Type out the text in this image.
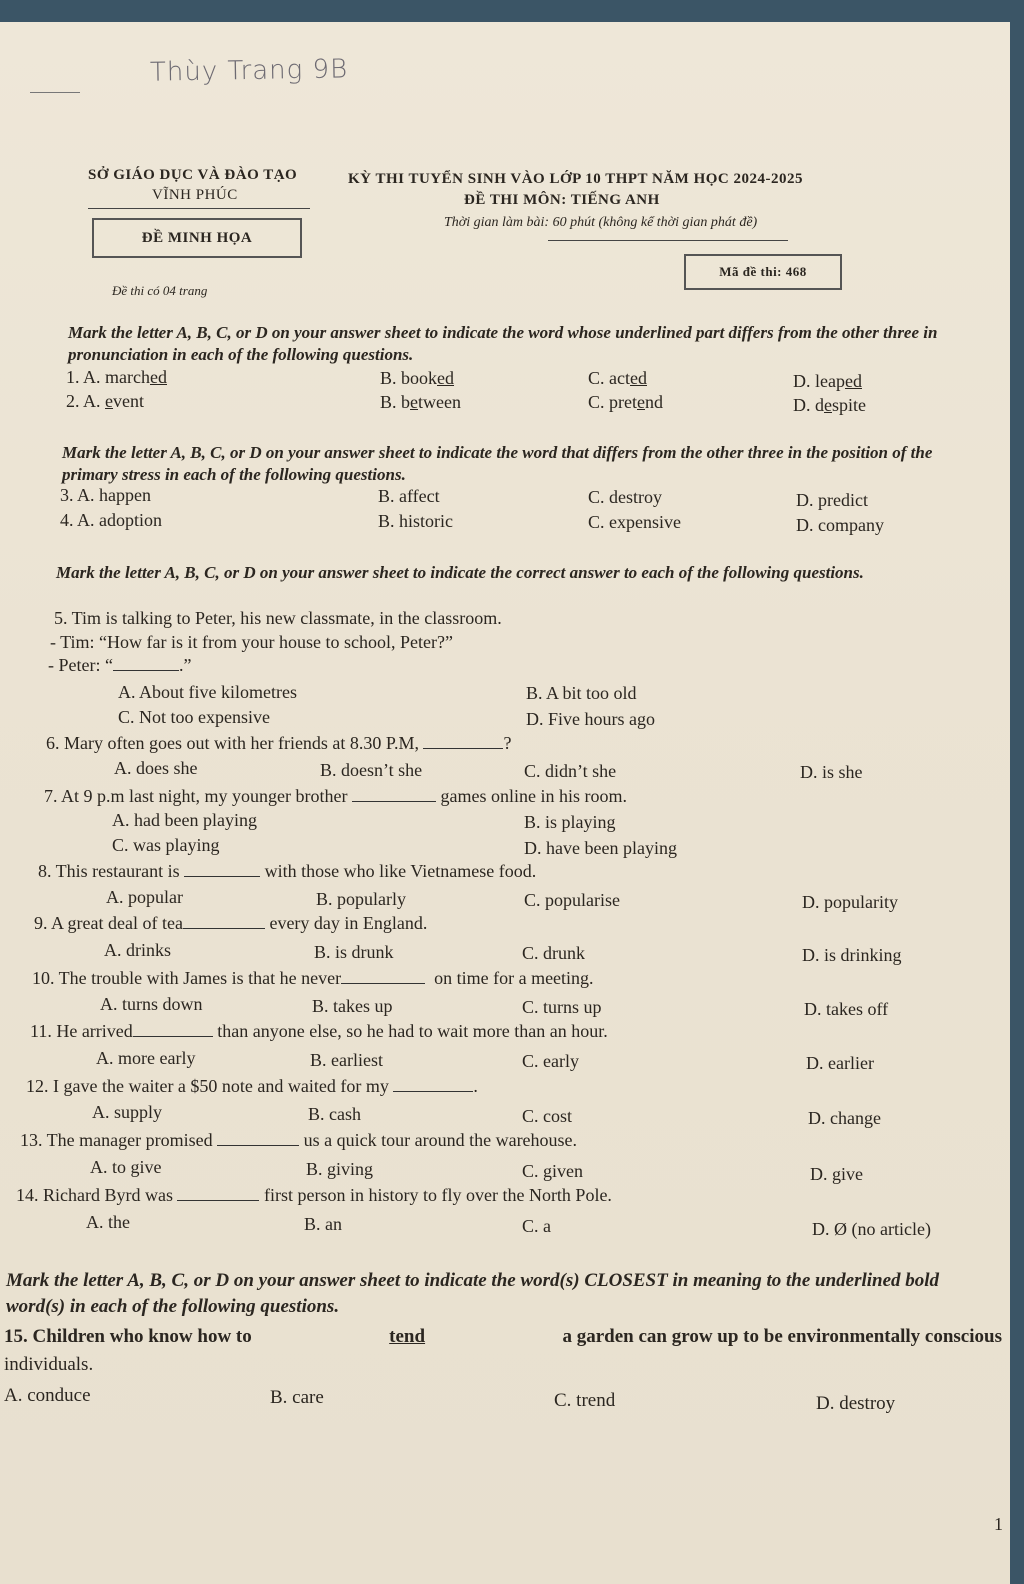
Thùy Trang 9B
SỞ GIÁO DỤC VÀ ĐÀO TẠO
VĨNH PHÚC
KỲ THI TUYỂN SINH VÀO LỚP 10 THPT NĂM HỌC 2024-2025
ĐỀ THI MÔN: TIẾNG ANH
Thời gian làm bài: 60 phút (không kể thời gian phát đề)
ĐỀ MINH HỌA
Mã đề thi: 468
Đề thi có 04 trang
Mark the letter A, B, C, or D on your answer sheet to indicate the word whose underlined part differs from the other three in pronunciation in each of the following questions.
1. A. marched	B. booked	C. acted	D. leaped
2. A. event	B. between	C. pretend	D. despite
Mark the letter A, B, C, or D on your answer sheet to indicate the word that differs from the other three in the position of the primary stress in each of the following questions.
3. A. happen	B. affect	C. destroy	D. predict
4. A. adoption	B. historic	C. expensive	D. company
Mark the letter A, B, C, or D on your answer sheet to indicate the correct answer to each of the following questions.
5. Tim is talking to Peter, his new classmate, in the classroom.
- Tim: “How far is it from your house to school, Peter?”
- Peter: “	.”
A. About five kilometres	B. A bit too old
C. Not too expensive	D. Five hours ago
6. Mary often goes out with her friends at 8.30 P.M,	?
A. does she	B. doesn’t she	C. didn’t she	D. is she
7. At 9 p.m last night, my younger brother	games online in his room.
A. had been playing	B. is playing
C. was playing	D. have been playing
8. This restaurant is	with those who like Vietnamese food.
A. popular	B. popularly	C. popularise	D. popularity
9. A great deal of tea	every day in England.
A. drinks	B. is drunk	C. drunk	D. is drinking
10. The trouble with James is that he never	on time for a meeting.
A. turns down	B. takes up	C. turns up	D. takes off
11. He arrived	than anyone else, so he had to wait more than an hour.
A. more early	B. earliest	C. early	D. earlier
12. I gave the waiter a $50 note and waited for my	.
A. supply	B. cash	C. cost	D. change
13. The manager promised	us a quick tour around the warehouse.
A. to give	B. giving	C. given	D. give
14. Richard Byrd was	first person in history to fly over the North Pole.
A. the	B. an	C. a	D. Ø (no article)
Mark the letter A, B, C, or D on your answer sheet to indicate the word(s) CLOSEST in meaning to the underlined bold word(s) in each of the following questions.
15. Children who know how to	tend	a garden can grow up to be environmentally conscious
individuals.
A. conduce	B. care	C. trend	D. destroy
1
